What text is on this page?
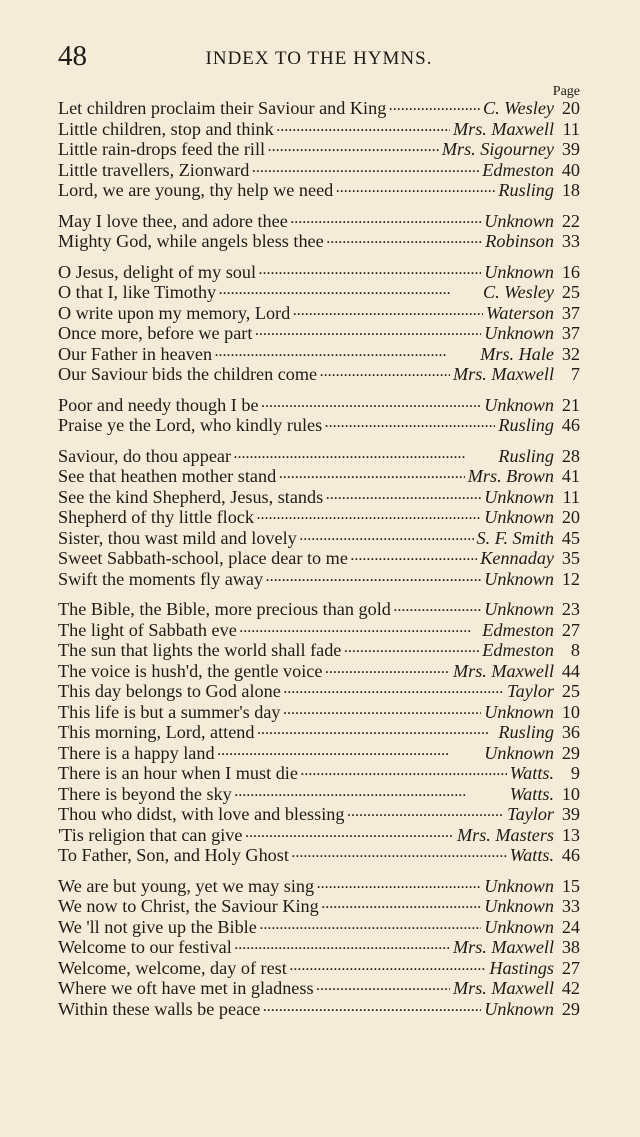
48	INDEX TO THE HYMNS.
Page
Let children proclaim their Saviour and King . . .	C. Wesley 20
Little children, stop and think . . .	Mrs. Maxwell 11
Little rain-drops feed the rill . . .	Mrs. Sigourney 39
Little travellers, Zionward . . .	Edmeston 40
Lord, we are young, thy help we need . . .	Rusling 18
May I love thee, and adore thee . . .	Unknown 22
Mighty God, while angels bless thee . . .	Robinson 33
O Jesus, delight of my soul . . .	Unknown 16
O that I, like Timothy . . .	C. Wesley 25
O write upon my memory, Lord . . .	Waterson 37
Once more, before we part . . .	Unknown 37
Our Father in heaven . . .	Mrs. Hale 32
Our Saviour bids the children come . . .	Mrs. Maxwell 7
Poor and needy though I be . . .	Unknown 21
Praise ye the Lord, who kindly rules . . .	Rusling 46
Saviour, do thou appear . . .	Rusling 28
See that heathen mother stand . . .	Mrs. Brown 41
See the kind Shepherd, Jesus, stands . . .	Unknown 11
Shepherd of thy little flock . . .	Unknown 20
Sister, thou wast mild and lovely . . .	S. F. Smith 45
Sweet Sabbath-school, place dear to me . . .	Kennaday 35
Swift the moments fly away . . .	Unknown 12
The Bible, the Bible, more precious than gold . . .	Unknown 23
The light of Sabbath eve . . .	Edmeston 27
The sun that lights the world shall fade . . .	Edmeston 8
The voice is hush'd, the gentle voice . . .	Mrs. Maxwell 44
This day belongs to God alone . . .	Taylor 25
This life is but a summer's day . . .	Unknown 10
This morning, Lord, attend . . .	Rusling 36
There is a happy land . . .	Unknown 29
There is an hour when I must die . . .	Watts. 9
There is beyond the sky . . .	Watts. 10
Thou who didst, with love and blessing . . .	Taylor 39
'Tis religion that can give . . .	Mrs. Masters 13
To Father, Son, and Holy Ghost . . .	Watts. 46
We are but young, yet we may sing . . .	Unknown 15
We now to Christ, the Saviour King . . .	Unknown 33
We 'll not give up the Bible . . .	Unknown 24
Welcome to our festival . . .	Mrs. Maxwell 38
Welcome, welcome, day of rest . . .	Hastings 27
Where we oft have met in gladness . . .	Mrs. Maxwell 42
Within these walls be peace . . .	Unknown 29
